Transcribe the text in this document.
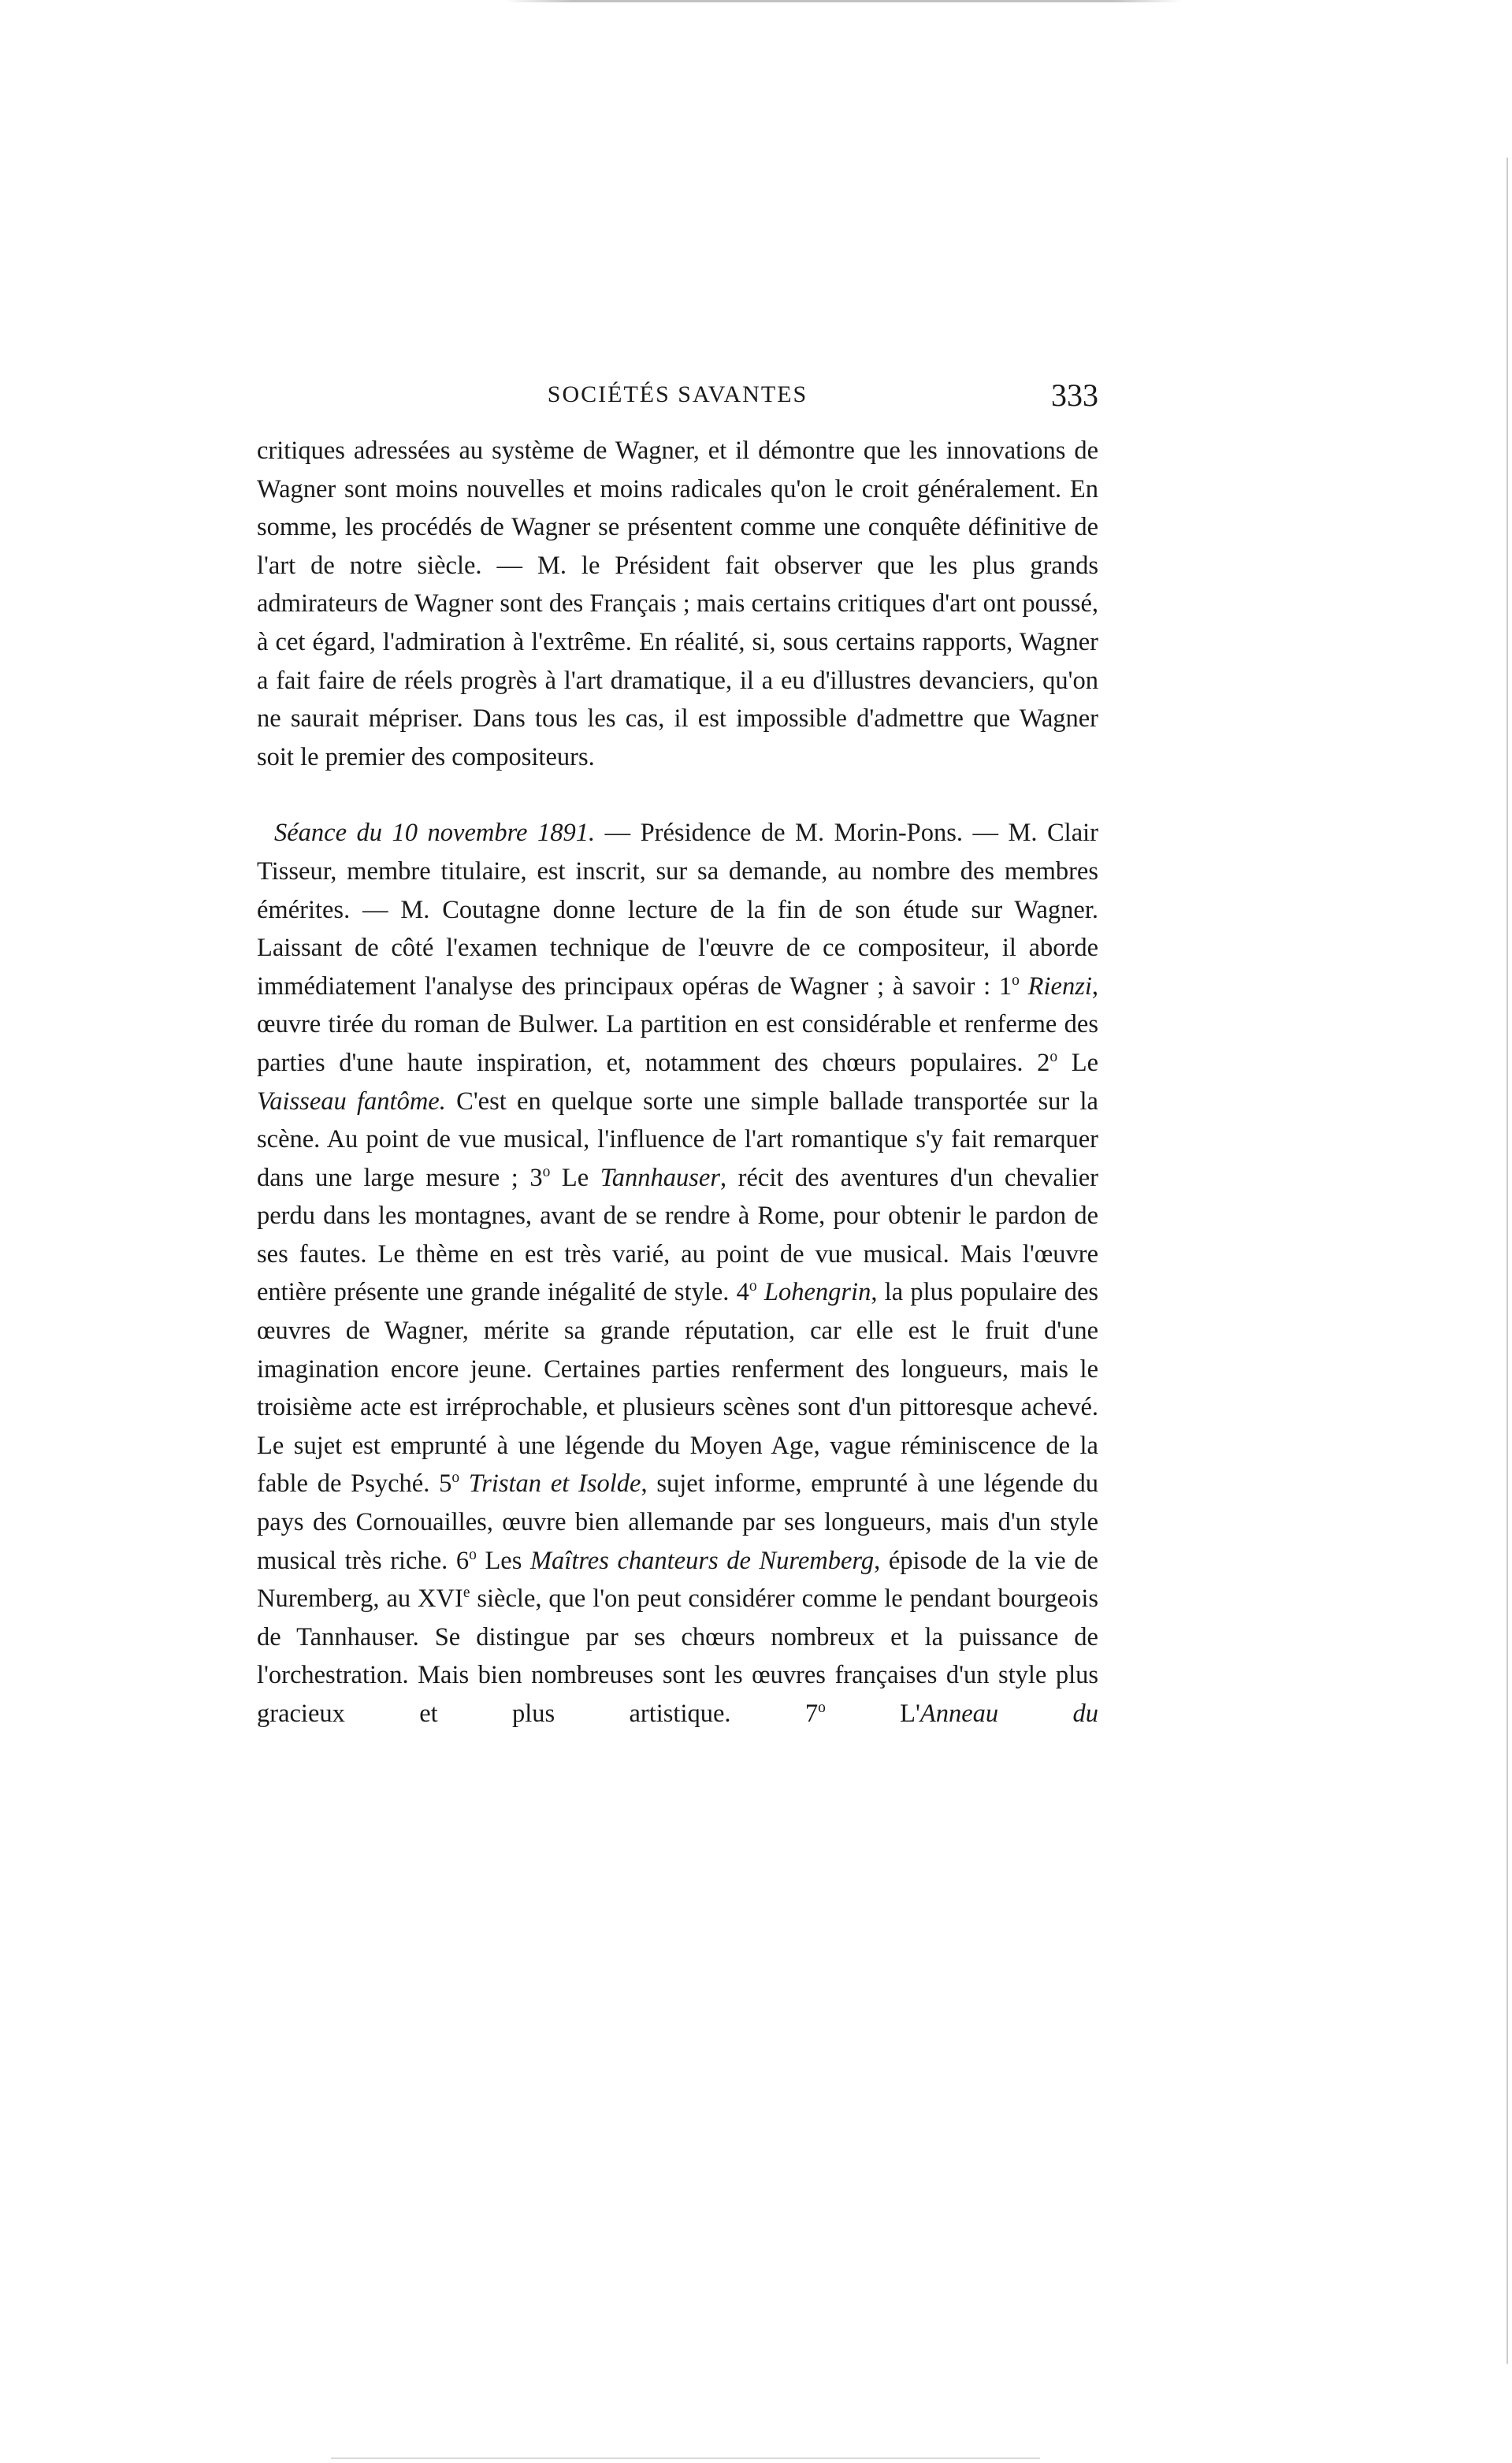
SOCIÉTÉS SAVANTES	333

critiques adressées au système de Wagner, et il démontre que les innovations de Wagner sont moins nouvelles et moins radicales qu'on le croit généralement. En somme, les procédés de Wagner se présentent comme une conquête définitive de l'art de notre siècle. — M. le Président fait observer que les plus grands admirateurs de Wagner sont des Français ; mais certains critiques d'art ont poussé, à cet égard, l'admiration à l'extrême. En réalité, si, sous certains rapports, Wagner a fait faire de réels progrès à l'art dramatique, il a eu d'illustres devanciers, qu'on ne saurait mépriser. Dans tous les cas, il est impossible d'admettre que Wagner soit le premier des compositeurs.

Séance du 10 novembre 1891. — Présidence de M. Morin-Pons. — M. Clair Tisseur, membre titulaire, est inscrit, sur sa demande, au nombre des membres émérites. — M. Coutagne donne lecture de la fin de son étude sur Wagner. Laissant de côté l'examen technique de l'œuvre de ce compositeur, il aborde immédiatement l'analyse des principaux opéras de Wagner ; à savoir : 1$^o$ Rienzi, œuvre tirée du roman de Bulwer. La partition en est considérable et renferme des parties d'une haute inspiration, et, notamment des chœurs populaires. 2$^o$ Le Vaisseau fantôme. C'est en quelque sorte une simple ballade transportée sur la scène. Au point de vue musical, l'influence de l'art romantique s'y fait remarquer dans une large mesure ; 3$^o$ Le Tannhauser, récit des aventures d'un chevalier perdu dans les montagnes, avant de se rendre à Rome, pour obtenir le pardon de ses fautes. Le thème en est très varié, au point de vue musical. Mais l'œuvre entière présente une grande inégalité de style. 4$^o$ Lohengrin, la plus populaire des œuvres de Wagner, mérite sa grande réputation, car elle est le fruit d'une imagination encore jeune. Certaines parties renferment des longueurs, mais le troisième acte est irréprochable, et plusieurs scènes sont d'un pittoresque achevé. Le sujet est emprunté à une légende du Moyen Age, vague réminiscence de la fable de Psyché. 5$^o$ Tristan et Isolde, sujet informe, emprunté à une légende du pays des Cornouailles, œuvre bien allemande par ses longueurs, mais d'un style musical très riche. 6$^o$ Les Maîtres chanteurs de Nuremberg, épisode de la vie de Nuremberg, au XVIe siècle, que l'on peut considérer comme le pendant bourgeois de Tannhauser. Se distingue par ses chœurs nombreux et la puissance de l'orchestration. Mais bien nombreuses sont les œuvres françaises d'un style plus gracieux et plus artistique. 7$^o$ L'Anneau du
